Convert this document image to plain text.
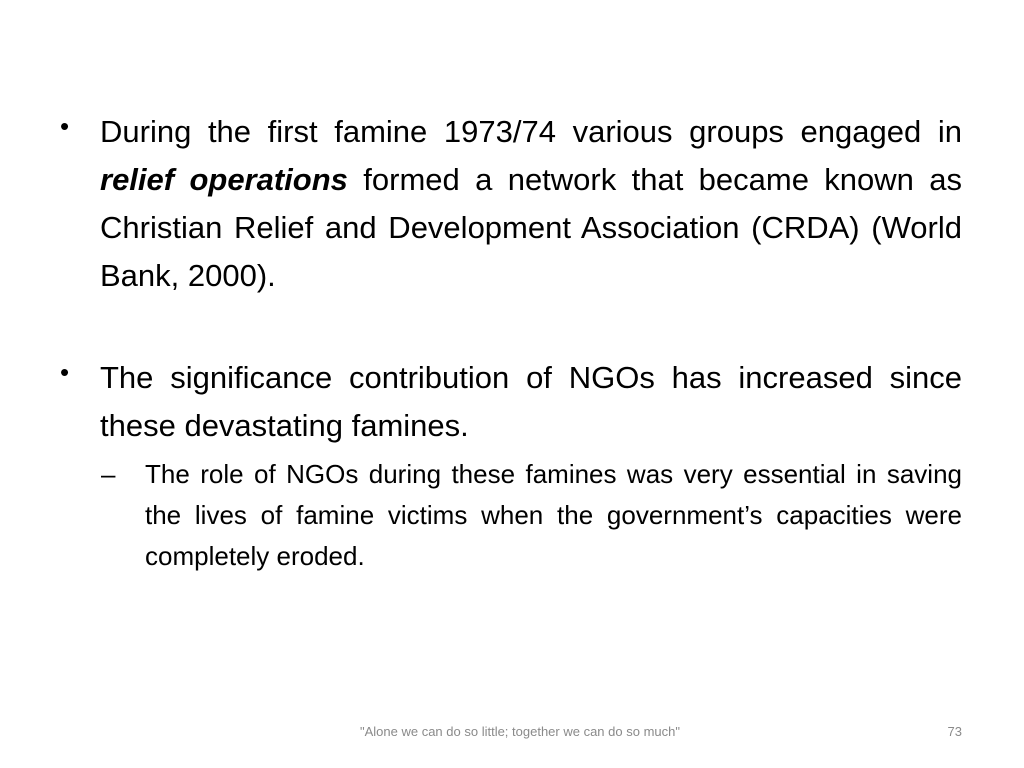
• During the first famine 1973/74 various groups engaged in relief operations formed a network that became known as Christian Relief and Development Association (CRDA) (World Bank, 2000).
• The significance contribution of NGOs has increased since these devastating famines.
– The role of NGOs during these famines was very essential in saving the lives of famine victims when the government’s capacities were completely eroded.
"Alone we can do so little; together we can do so much"	73
